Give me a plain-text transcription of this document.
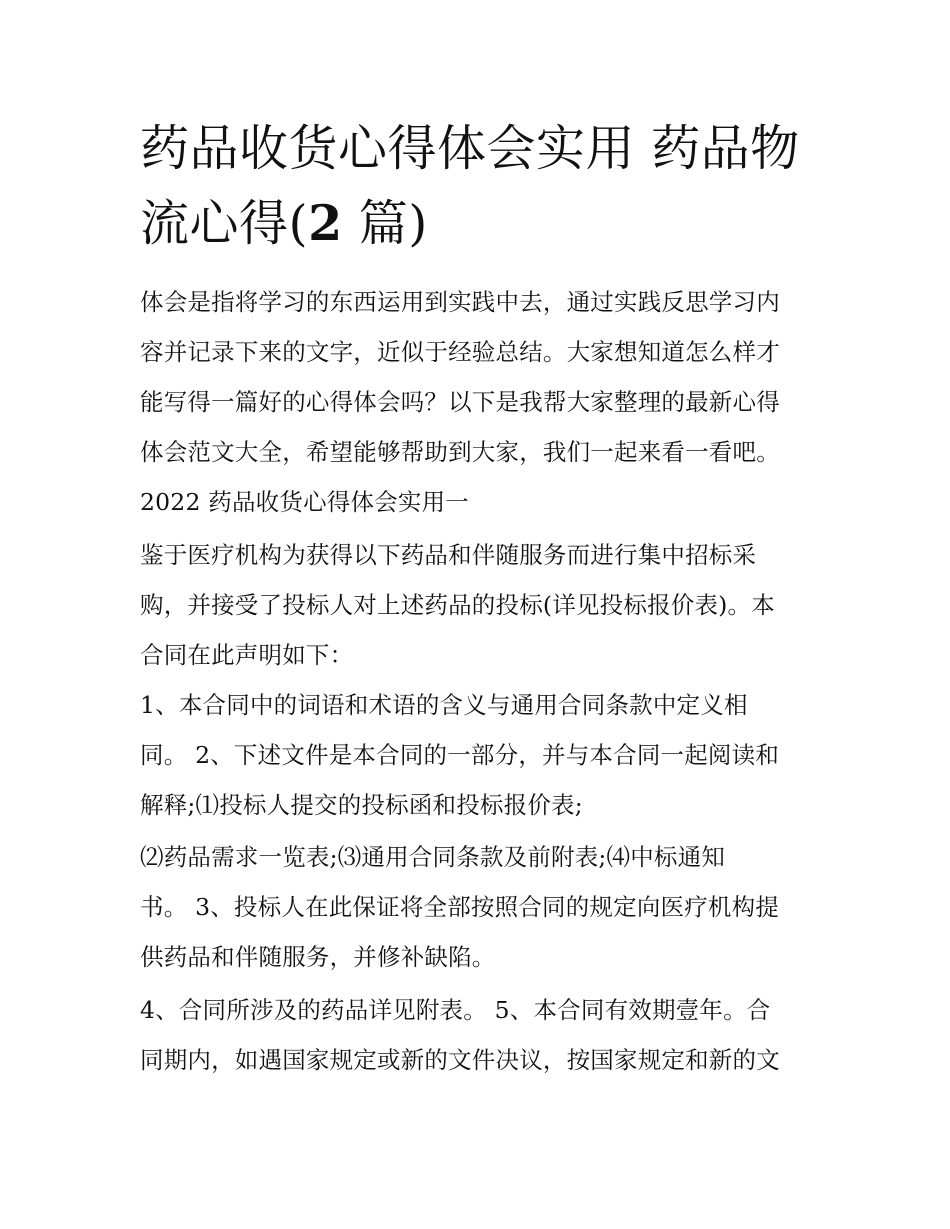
药品收货心得体会实用 药品物
流心得(2 篇)
体会是指将学习的东西运用到实践中去，通过实践反思学习内
容并记录下来的文字，近似于经验总结。大家想知道怎么样才
能写得一篇好的心得体会吗？以下是我帮大家整理的最新心得
体会范文大全，希望能够帮助到大家，我们一起来看一看吧。
2022 药品收货心得体会实用一
鉴于医疗机构为获得以下药品和伴随服务而进行集中招标采
购，并接受了投标人对上述药品的投标(详见投标报价表)。本
合同在此声明如下：
1、本合同中的词语和术语的含义与通用合同条款中定义相
同。 2、下述文件是本合同的一部分，并与本合同一起阅读和
解释;⑴投标人提交的投标函和投标报价表;
⑵药品需求一览表;⑶通用合同条款及前附表;⑷中标通知
书。 3、投标人在此保证将全部按照合同的规定向医疗机构提
供药品和伴随服务，并修补缺陷。
4、合同所涉及的药品详见附表。 5、本合同有效期壹年。合
同期内，如遇国家规定或新的文件决议，按国家规定和新的文
